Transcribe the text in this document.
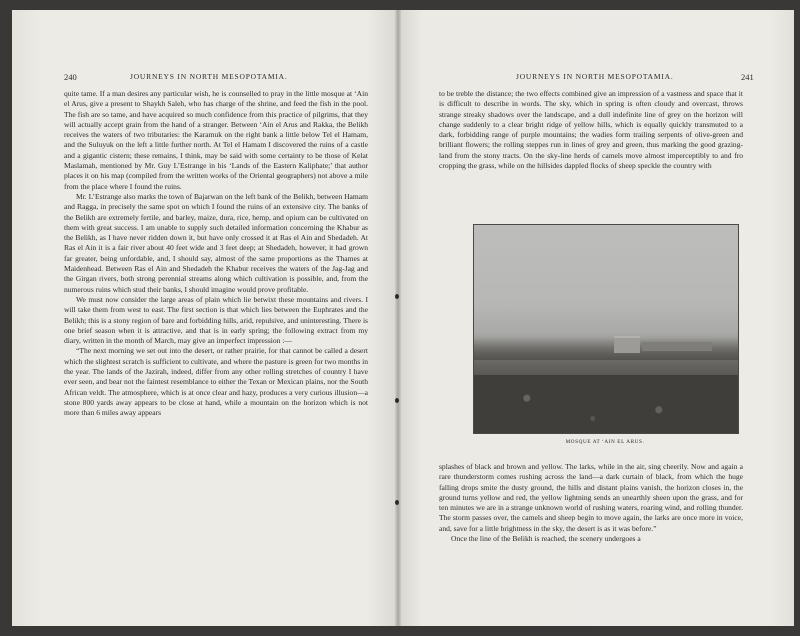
240	JOURNEYS IN NORTH MESOPOTAMIA.

quite tame. If a man desires any particular wish, he is counselled to pray in the little mosque at ‘Ain el Arus, give a present to Shaykh Saleh, who has charge of the shrine, and feed the fish in the pool. The fish are so tame, and have acquired so much confidence from this practice of pilgrims, that they will actually accept grain from the hand of a stranger. Between ‘Ain el Arus and Rakka, the Belikh receives the waters of two tributaries: the Karamuk on the right bank a little below Tel el Hamam, and the Suluyuk on the left a little further north. At Tel el Hamam I discovered the ruins of a castle and a gigantic cistern; these remains, I think, may be said with some certainty to be those of Kelat Maslamah, mentioned by Mr. Guy L’Estrange in his ‘Lands of the Eastern Kaliphate;’ that author places it on his map (compiled from the written works of the Oriental geographers) not above a mile from the place where I found the ruins.

Mr. L’Estrange also marks the town of Bajarwan on the left bank of the Belikh, between Hamam and Ragga, in precisely the same spot on which I found the ruins of an extensive city. The banks of the Belikh are extremely fertile, and barley, maize, dura, rice, hemp, and opium can be cultivated on them with great success. I am unable to supply such detailed information concerning the Khabur as the Belikh, as I have never ridden down it, but have only crossed it at Ras el Ain and Shedadeh. At Ras el Ain it is a fair river about 40 feet wide and 3 feet deep; at Shedadeh, however, it had grown far greater, being unfordable, and, I should say, almost of the same proportions as the Thames at Maidenhead. Between Ras el Ain and Shedadeh the Khabur receives the waters of the Jag-Jag and the Girgan rivers, both strong perennial streams along which cultivation is possible, and, from the numerous ruins which stud their banks, I should imagine would prove profitable.

We must now consider the large areas of plain which lie betwixt these mountains and rivers. I will take them from west to east. The first section is that which lies between the Euphrates and the Belikh; this is a stony region of bare and forbidding hills, arid, repulsive, and uninteresting. There is one brief season when it is attractive, and that is in early spring; the following extract from my diary, written in the month of March, may give an imperfect impression :—

“The next morning we set out into the desert, or rather prairie, for that cannot be called a desert which the slightest scratch is sufficient to cultivate, and where the pasture is green for two months in the year. The lands of the Jazirah, indeed, differ from any other rolling stretches of country I have ever seen, and bear not the faintest resemblance to either the Texan or Mexican plains, nor the South African veldt. The atmosphere, which is at once clear and hazy, produces a very curious illusion—a stone 800 yards away appears to be close at hand, while a mountain on the horizon which is not more than 6 miles away appears

JOURNEYS IN NORTH MESOPOTAMIA.	241

to be treble the distance; the two effects combined give an impression of a vastness and space that it is difficult to describe in words. The sky, which in spring is often cloudy and overcast, throws strange streaky shadows over the landscape, and a dull indefinite line of grey on the horizon will change suddenly to a clear bright ridge of yellow hills, which is equally quickly transmuted to a dark, forbidding range of purple mountains; the wadies form trailing serpents of olive-green and brilliant flowers; the rolling steppes run in lines of grey and green, thus marking the good grazing-land from the stony tracts. On the sky-line herds of camels move almost imperceptibly to and fro cropping the grass, while on the hillsides dappled flocks of sheep speckle the country with

MOSQUE AT ‘AIN EL ARUS.

splashes of black and brown and yellow. The larks, while in the air, sing cheerily. Now and again a rare thunderstorm comes rushing across the land—a dark curtain of black, from which the huge falling drops smite the dusty ground, the hills and distant plains vanish, the horizon closes in, the ground turns yellow and red, the yellow lightning sends an unearthly sheen upon the grass, and for ten minutes we are in a strange unknown world of rushing waters, roaring wind, and rolling thunder. The storm passes over, the camels and sheep begin to move again, the larks are once more in voice, and, save for a little brightness in the sky, the desert is as it was before.”

Once the line of the Belikh is reached, the scenery undergoes a
